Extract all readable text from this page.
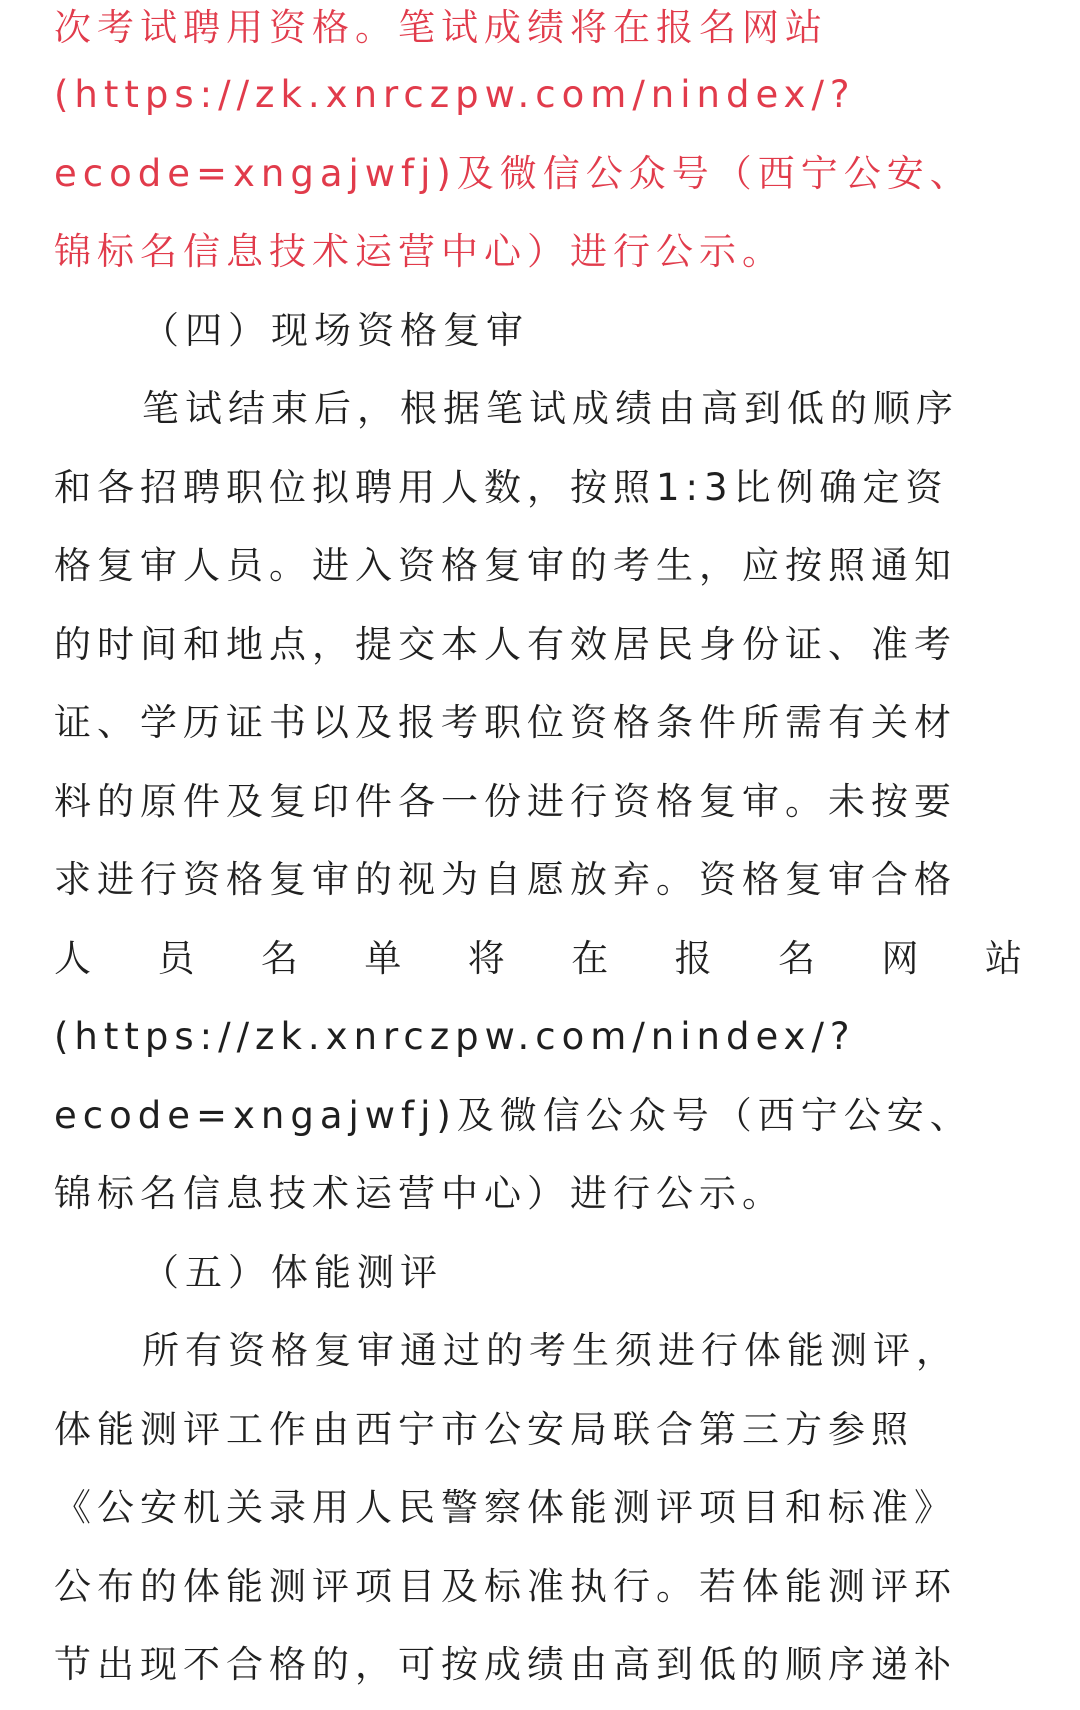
次考试聘用资格。笔试成绩将在报名网站
(https://zk.xnrczpw.com/nindex/?
ecode=xngajwfj)及微信公众号（西宁公安、
锦标名信息技术运营中心）进行公示。
（四）现场资格复审
笔试结束后，根据笔试成绩由高到低的顺序
和各招聘职位拟聘用人数，按照1:3比例确定资
格复审人员。进入资格复审的考生，应按照通知
的时间和地点，提交本人有效居民身份证、准考
证、学历证书以及报考职位资格条件所需有关材
料的原件及复印件各一份进行资格复审。未按要
求进行资格复审的视为自愿放弃。资格复审合格
人 员 名 单 将 在 报 名 网 站
(https://zk.xnrczpw.com/nindex/?
ecode=xngajwfj)及微信公众号（西宁公安、
锦标名信息技术运营中心）进行公示。
（五）体能测评
所有资格复审通过的考生须进行体能测评，
体能测评工作由西宁市公安局联合第三方参照
《公安机关录用人民警察体能测评项目和标准》
公布的体能测评项目及标准执行。若体能测评环
节出现不合格的，可按成绩由高到低的顺序递补
